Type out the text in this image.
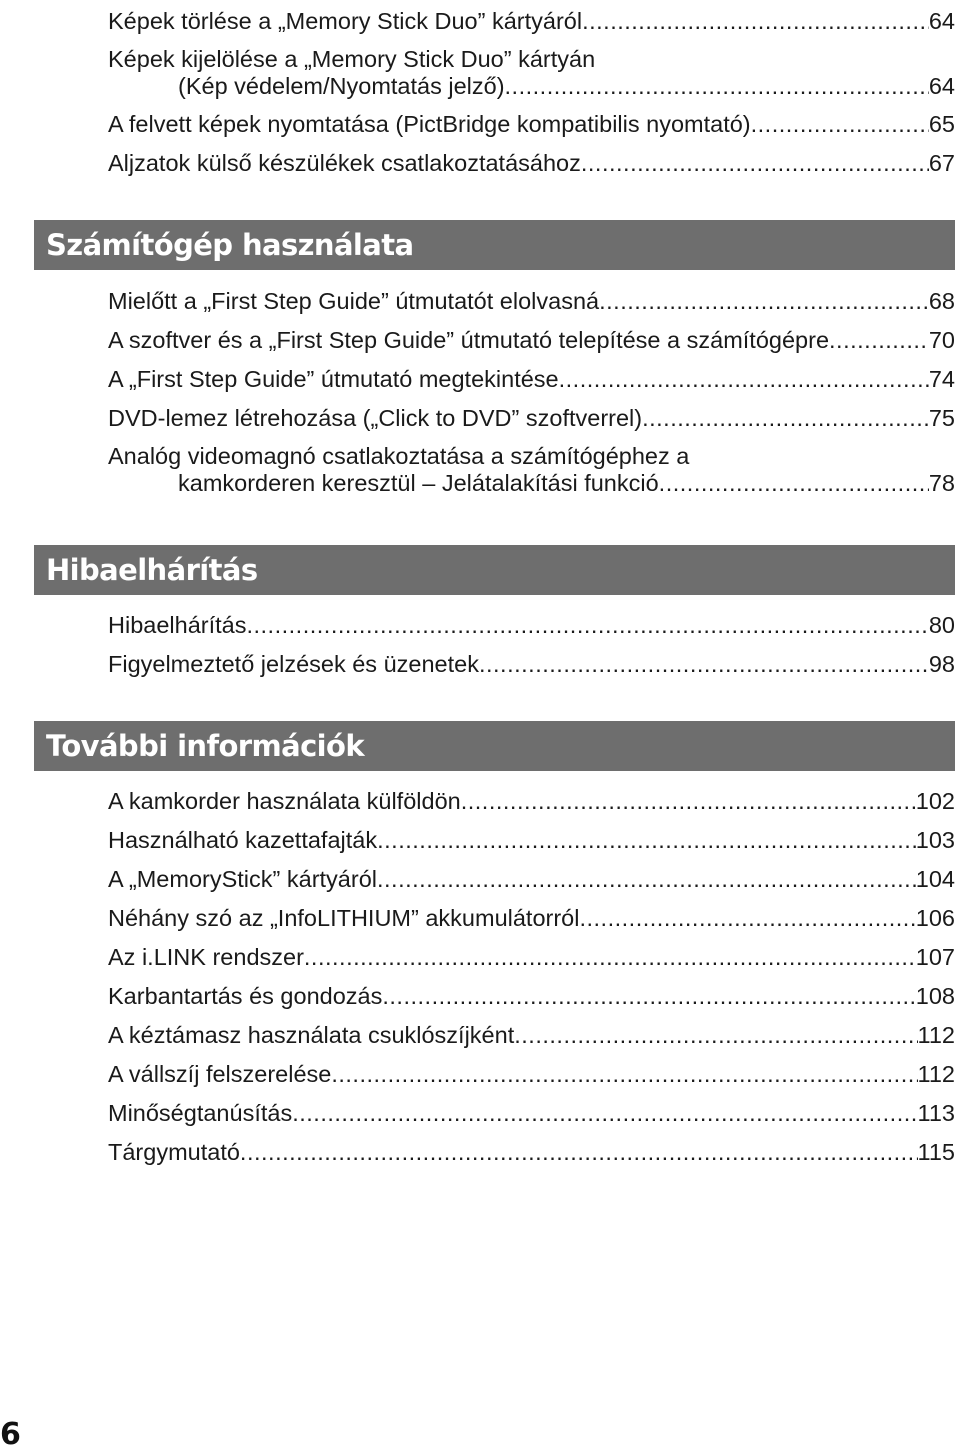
Képek törlése a „Memory Stick Duo” kártyáról .....	64
Képek kijelölése a „Memory Stick Duo” kártyán
(Kép védelem/Nyomtatás jelző) .....	64
A felvett képek nyomtatása (PictBridge kompatibilis nyomtató) .....	65
Aljzatok külső készülékek csatlakoztatásához .....	67
Számítógép használata
Mielőtt a „First Step Guide” útmutatót elolvasná .....	68
A szoftver és a „First Step Guide” útmutató telepítése a számítógépre .....	70
A „First Step Guide” útmutató megtekintése .....	74
DVD-lemez létrehozása („Click to DVD” szoftverrel) .....	75
Analóg videomagnó csatlakoztatása a számítógéphez a
kamkorderen keresztül – Jelátalakítási funkció .....	78
Hibaelhárítás
Hibaelhárítás .....	80
Figyelmeztető jelzések és üzenetek .....	98
További információk
A kamkorder használata külföldön .....	102
Használható kazettafajták .....	103
A „MemoryStick” kártyáról .....	104
Néhány szó az „InfoLITHIUM” akkumulátorról .....	106
Az i.LINK rendszer .....	107
Karbantartás és gondozás .....	108
A kéztámasz használata csuklószíjként .....	112
A vállszíj felszerelése .....	112
Minőségtanúsítás .....	113
Tárgymutató .....	115
6
